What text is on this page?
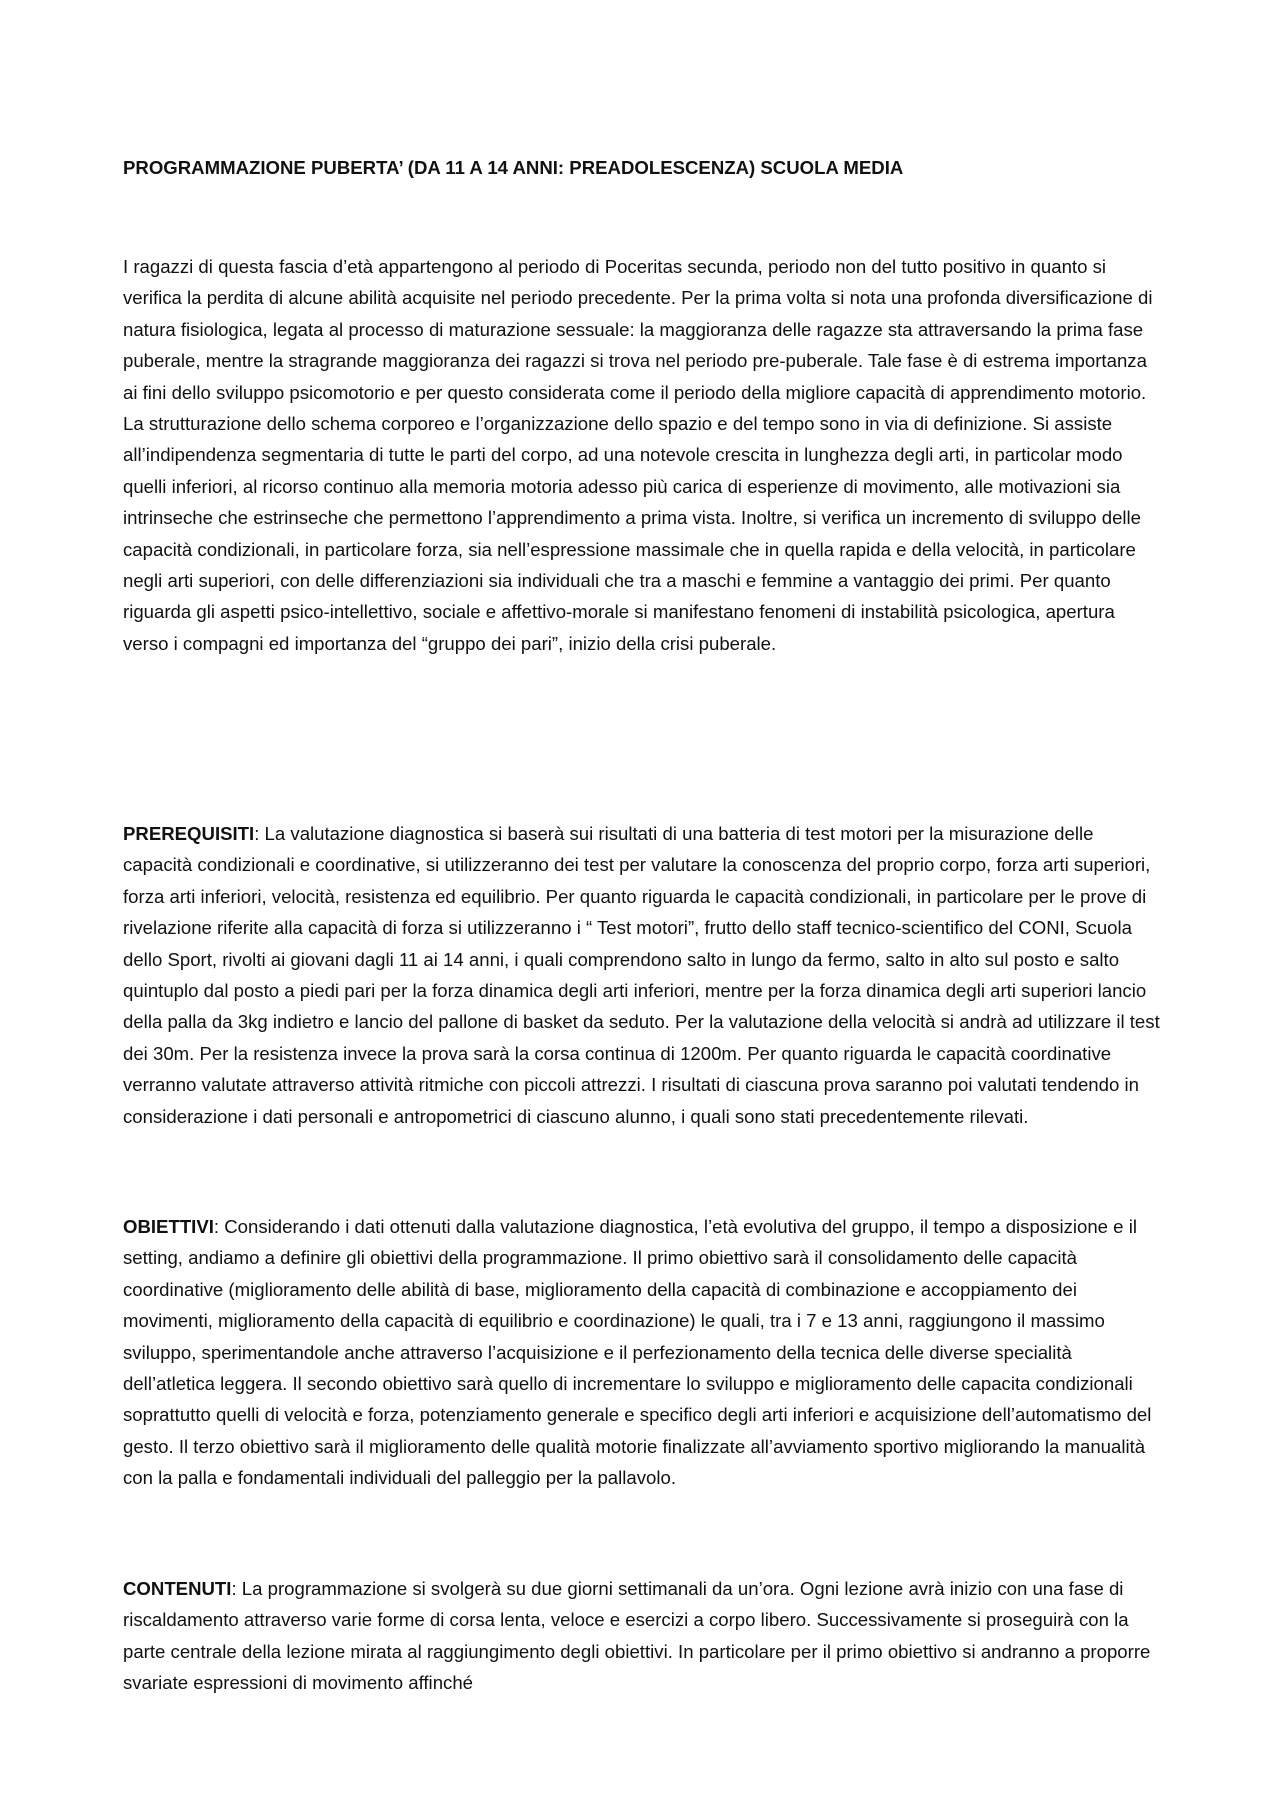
PROGRAMMAZIONE PUBERTA’ (DA 11 A 14 ANNI: PREADOLESCENZA) SCUOLA MEDIA

I ragazzi di questa fascia d’età appartengono al periodo di Poceritas secunda, periodo non del tutto positivo in quanto si verifica la perdita di alcune abilità acquisite nel periodo precedente. Per la prima volta si nota una profonda diversificazione di natura fisiologica, legata al processo di maturazione sessuale: la maggioranza delle ragazze sta attraversando la prima fase puberale, mentre la stragrande maggioranza dei ragazzi si trova nel periodo pre-puberale. Tale fase è di estrema importanza ai fini dello sviluppo psicomotorio e per questo considerata come il periodo della migliore capacità di apprendimento motorio. La strutturazione dello schema corporeo e l’organizzazione dello spazio e del tempo sono in via di definizione. Si assiste all’indipendenza segmentaria di tutte le parti del corpo, ad una notevole crescita in lunghezza degli arti, in particolar modo quelli inferiori, al ricorso continuo alla memoria motoria adesso più carica di esperienze di movimento, alle motivazioni sia intrinseche che estrinseche che permettono l’apprendimento a prima vista. Inoltre, si verifica un incremento di sviluppo delle capacità condizionali, in particolare forza, sia nell’espressione massimale che in quella rapida e della velocità, in particolare negli arti superiori, con delle differenziazioni sia individuali che tra a maschi e femmine a vantaggio dei primi. Per quanto riguarda gli aspetti psico-intellettivo, sociale e affettivo-morale si manifestano fenomeni di instabilità psicologica, apertura verso i compagni ed importanza del “gruppo dei pari”, inizio della crisi puberale.

PREREQUISITI: La valutazione diagnostica si baserà sui risultati di una batteria di test motori per la misurazione delle capacità condizionali e coordinative, si utilizzeranno dei test per valutare la conoscenza del proprio corpo, forza arti superiori, forza arti inferiori, velocità, resistenza ed equilibrio. Per quanto riguarda le capacità condizionali, in particolare per le prove di rivelazione riferite alla capacità di forza si utilizzeranno i “ Test motori”, frutto dello staff tecnico-scientifico del CONI, Scuola dello Sport, rivolti ai giovani dagli 11 ai 14 anni, i quali comprendono salto in lungo da fermo, salto in alto sul posto e salto quintuplo dal posto a piedi pari per la forza dinamica degli arti inferiori, mentre per la forza dinamica degli arti superiori lancio della palla da 3kg indietro e lancio del pallone di basket da seduto. Per la valutazione della velocità si andrà ad utilizzare il test dei 30m. Per la resistenza invece la prova sarà la corsa continua di 1200m. Per quanto riguarda le capacità coordinative verranno valutate attraverso attività ritmiche con piccoli attrezzi. I risultati di ciascuna prova saranno poi valutati tendendo in considerazione i dati personali e antropometrici di ciascuno alunno, i quali sono stati precedentemente rilevati.

OBIETTIVI: Considerando i dati ottenuti dalla valutazione diagnostica, l’età evolutiva del gruppo, il tempo a disposizione e il setting, andiamo a definire gli obiettivi della programmazione. Il primo obiettivo sarà il consolidamento delle capacità coordinative (miglioramento delle abilità di base, miglioramento della capacità di combinazione e accoppiamento dei movimenti, miglioramento della capacità di equilibrio e coordinazione) le quali, tra i 7 e 13 anni, raggiungono il massimo sviluppo, sperimentandole anche attraverso l’acquisizione e il perfezionamento della tecnica delle diverse specialità dell’atletica leggera. Il secondo obiettivo sarà quello di incrementare lo sviluppo e miglioramento delle capacita condizionali soprattutto quelli di velocità e forza, potenziamento generale e specifico degli arti inferiori e acquisizione dell’automatismo del gesto. Il terzo obiettivo sarà il miglioramento delle qualità motorie finalizzate all’avviamento sportivo migliorando la manualità con la palla e fondamentali individuali del palleggio per la pallavolo.

CONTENUTI: La programmazione si svolgerà su due giorni settimanali da un’ora. Ogni lezione avrà inizio con una fase di riscaldamento attraverso varie forme di corsa lenta, veloce e esercizi a corpo libero. Successivamente si proseguirà con la parte centrale della lezione mirata al raggiungimento degli obiettivi. In particolare per il primo obiettivo si andranno a proporre svariate espressioni di movimento affinché
